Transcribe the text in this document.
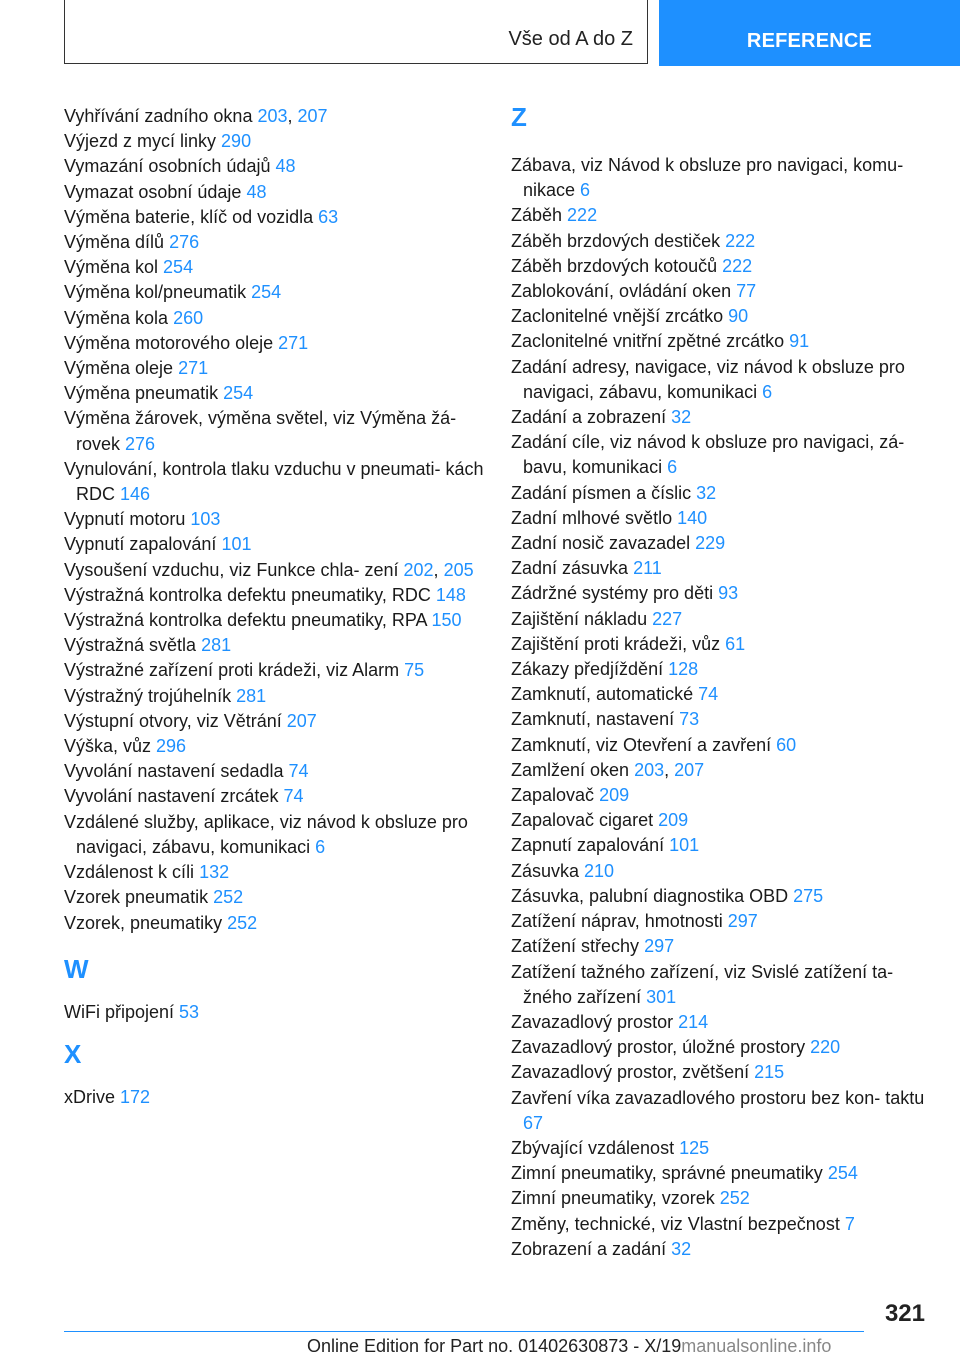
Vše od A do Z	REFERENCE
Vyhřívání zadního okna 203, 207
Výjezd z mycí linky 290
Vymazání osobních údajů 48
Vymazat osobní údaje 48
Výměna baterie, klíč od vozidla 63
Výměna dílů 276
Výměna kol 254
Výměna kol/pneumatik 254
Výměna kola 260
Výměna motorového oleje 271
Výměna oleje 271
Výměna pneumatik 254
Výměna žárovek, výměna světel, viz Výměna žá- rovek 276
Vynulování, kontrola tlaku vzduchu v pneumati- kách RDC 146
Vypnutí motoru 103
Vypnutí zapalování 101
Vysoušení vzduchu, viz Funkce chla- zení 202, 205
Výstražná kontrolka defektu pneumatiky, RDC 148
Výstražná kontrolka defektu pneumatiky, RPA 150
Výstražná světla 281
Výstražné zařízení proti krádeži, viz Alarm 75
Výstražný trojúhelník 281
Výstupní otvory, viz Větrání 207
Výška, vůz 296
Vyvolání nastavení sedadla 74
Vyvolání nastavení zrcátek 74
Vzdálené služby, aplikace, viz návod k obsluze pro navigaci, zábavu, komunikaci 6
Vzdálenost k cíli 132
Vzorek pneumatik 252
Vzorek, pneumatiky 252
W
WiFi připojení 53
X
xDrive 172
Z
Zábava, viz Návod k obsluze pro navigaci, komu- nikace 6
Záběh 222
Záběh brzdových destiček 222
Záběh brzdových kotoučů 222
Zablokování, ovládání oken 77
Zaclonitelné vnější zrcátko 90
Zaclonitelné vnitřní zpětné zrcátko 91
Zadání adresy, navigace, viz návod k obsluze pro navigaci, zábavu, komunikaci 6
Zadání a zobrazení 32
Zadání cíle, viz návod k obsluze pro navigaci, zá- bavu, komunikaci 6
Zadání písmen a číslic 32
Zadní mlhové světlo 140
Zadní nosič zavazadel 229
Zadní zásuvka 211
Zádržné systémy pro děti 93
Zajištění nákladu 227
Zajištění proti krádeži, vůz 61
Zákazy předjíždění 128
Zamknutí, automatické 74
Zamknutí, nastavení 73
Zamknutí, viz Otevření a zavření 60
Zamlžení oken 203, 207
Zapalovač 209
Zapalovač cigaret 209
Zapnutí zapalování 101
Zásuvka 210
Zásuvka, palubní diagnostika OBD 275
Zatížení náprav, hmotnosti 297
Zatížení střechy 297
Zatížení tažného zařízení, viz Svislé zatížení ta- žného zařízení 301
Zavazadlový prostor 214
Zavazadlový prostor, úložné prostory 220
Zavazadlový prostor, zvětšení 215
Zavření víka zavazadlového prostoru bez kon- taktu 67
Zbývající vzdálenost 125
Zimní pneumatiky, správné pneumatiky 254
Zimní pneumatiky, vzorek 252
Změny, technické, viz Vlastní bezpečnost 7
Zobrazení a zadání 32
321
Online Edition for Part no. 01402630873 - X/19manualsonline.info
